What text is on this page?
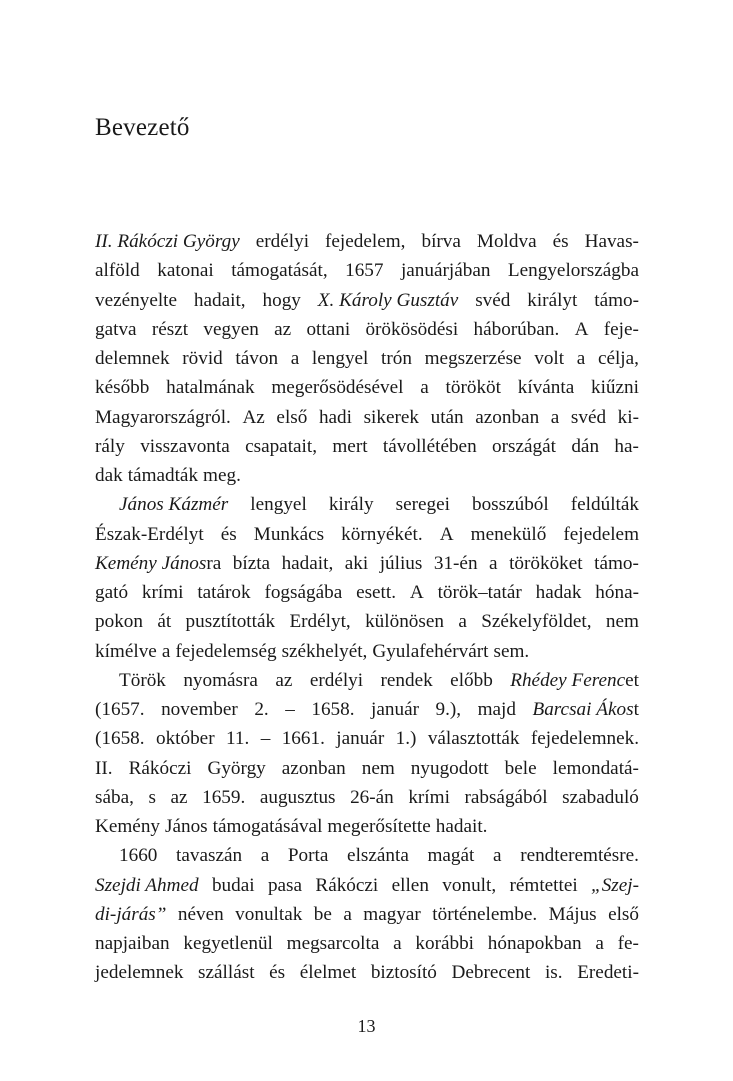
Bevezető
II. Rákóczi György erdélyi fejedelem, bírva Moldva és Havas-
alföld katonai támogatását, 1657 januárjában Lengyelországba
vezényelte hadait, hogy X. Károly Gusztáv svéd királyt támo-
gatva részt vegyen az ottani örökösödési háborúban. A feje-
delemnek rövid távon a lengyel trón megszerzése volt a célja,
később hatalmának megerősödésével a törököt kívánta kiűzni
Magyarországról. Az első hadi sikerek után azonban a svéd ki-
rály visszavonta csapatait, mert távollétében országát dán ha-
dak támadták meg.
János Kázmér lengyel király seregei bosszúból feldúlták
Észak-Erdélyt és Munkács környékét. A menekülő fejedelem
Kemény Jánosra bízta hadait, aki július 31-én a törököket támo-
gató krími tatárok fogságába esett. A török–tatár hadak hóna-
pokon át pusztították Erdélyt, különösen a Székelyföldet, nem
kímélve a fejedelemség székhelyét, Gyulafehérvárt sem.
Török nyomásra az erdélyi rendek előbb Rhédey Ferencet
(1657. november 2. – 1658. január 9.), majd Barcsai Ákost
(1658. október 11. – 1661. január 1.) választották fejedelemnek.
II. Rákóczi György azonban nem nyugodott bele lemondatá-
sába, s az 1659. augusztus 26-án krími rabságából szabaduló
Kemény János támogatásával megerősítette hadait.
1660 tavaszán a Porta elszánta magát a rendteremtésre.
Szejdi Ahmed budai pasa Rákóczi ellen vonult, rémtettei „Szej-
di-járás” néven vonultak be a magyar történelembe. Május első
napjaiban kegyetlenül megsarcolta a korábbi hónapokban a fe-
jedelemnek szállást és élelmet biztosító Debrecent is. Eredeti-
13
